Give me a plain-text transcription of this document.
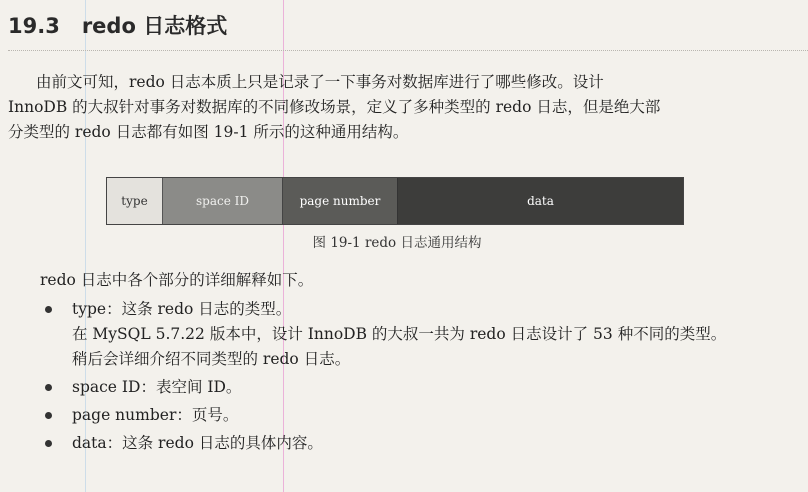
19.3 redo 日志格式

由前文可知，redo 日志本质上只是记录了一下事务对数据库进行了哪些修改。设计
InnoDB 的大叔针对事务对数据库的不同修改场景，定义了多种类型的 redo 日志，但是绝大部
分类型的 redo 日志都有如图 19-1 所示的这种通用结构。

type	space ID	page number	data

图 19-1 redo 日志通用结构

redo 日志中各个部分的详细解释如下。

type：这条 redo 日志的类型。
在 MySQL 5.7.22 版本中，设计 InnoDB 的大叔一共为 redo 日志设计了 53 种不同的类型。
稍后会详细介绍不同类型的 redo 日志。
space ID：表空间 ID。
page number：页号。
data：这条 redo 日志的具体内容。
